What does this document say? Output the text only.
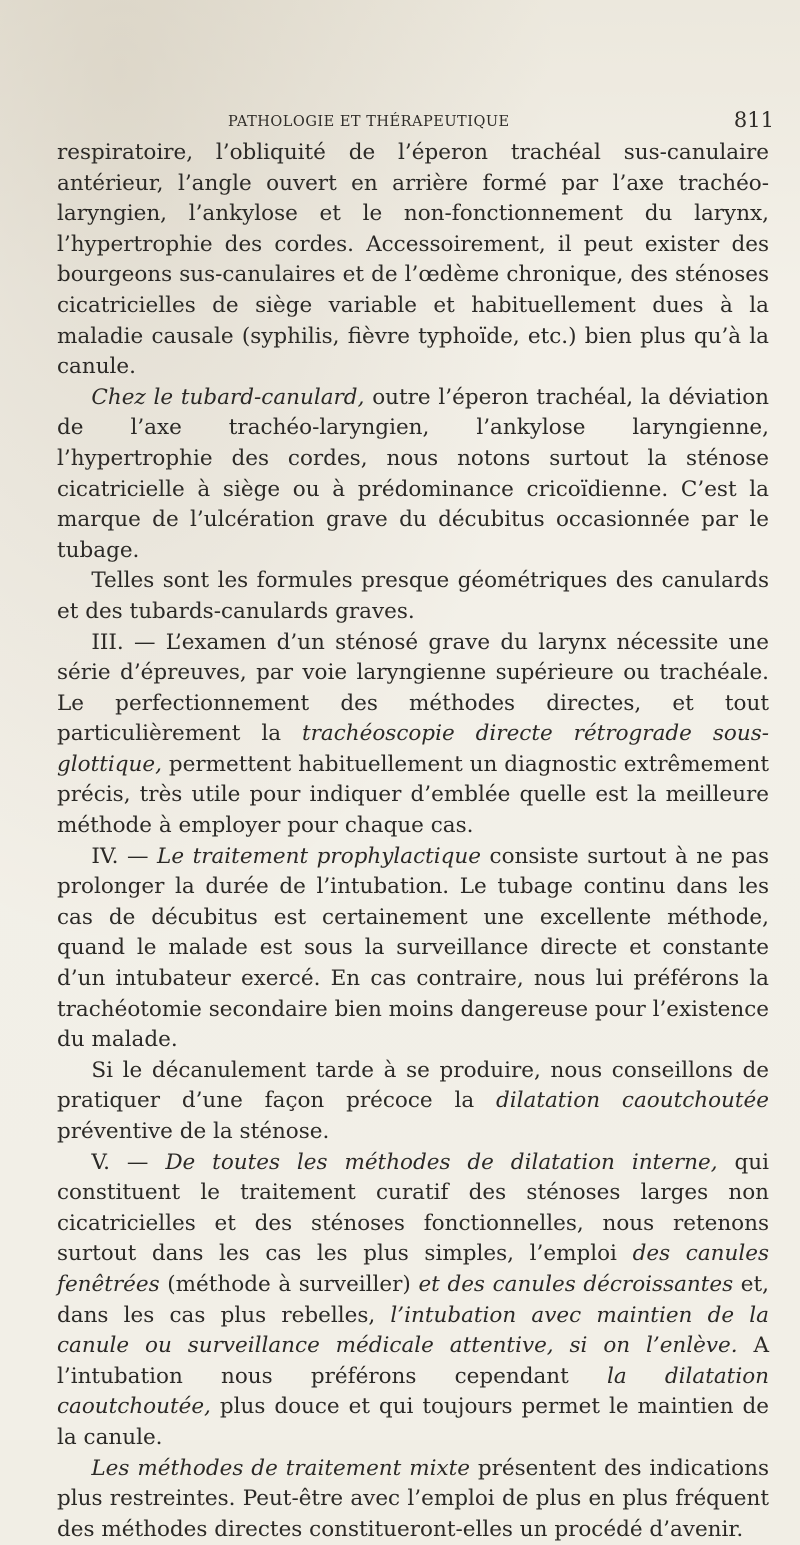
PATHOLOGIE ET THÉRAPEUTIQUE	811

respiratoire, l’obliquité de l’éperon trachéal sus-canulaire antérieur, l’angle ouvert en arrière formé par l’axe trachéo-laryngien, l’ankylose et le non-fonctionnement du larynx, l’hypertrophie des cordes. Accessoirement, il peut exister des bourgeons sus-canulaires et de l’œdème chronique, des sténoses cicatricielles de siège variable et habituellement dues à la maladie causale (syphilis, fièvre typhoïde, etc.) bien plus qu’à la canule.

Chez le tubard-canulard, outre l’éperon trachéal, la déviation de l’axe trachéo-laryngien, l’ankylose laryngienne, l’hypertrophie des cordes, nous notons surtout la sténose cicatricielle à siège ou à prédominance cricoïdienne. C’est la marque de l’ulcération grave du décubitus occasionnée par le tubage.

Telles sont les formules presque géométriques des canulards et des tubards-canulards graves.

III. — L’examen d’un sténosé grave du larynx nécessite une série d’épreuves, par voie laryngienne supérieure ou trachéale. Le perfectionnement des méthodes directes, et tout particulièrement la trachéoscopie directe rétrograde sous-glottique, permettent habituellement un diagnostic extrêmement précis, très utile pour indiquer d’emblée quelle est la meilleure méthode à employer pour chaque cas.

IV. — Le traitement prophylactique consiste surtout à ne pas prolonger la durée de l’intubation. Le tubage continu dans les cas de décubitus est certainement une excellente méthode, quand le malade est sous la surveillance directe et constante d’un intubateur exercé. En cas contraire, nous lui préférons la trachéotomie secondaire bien moins dangereuse pour l’existence du malade.

Si le décanulement tarde à se produire, nous conseillons de pratiquer d’une façon précoce la dilatation caoutchoutée préventive de la sténose.

V. — De toutes les méthodes de dilatation interne, qui constituent le traitement curatif des sténoses larges non cicatricielles et des sténoses fonctionnelles, nous retenons surtout dans les cas les plus simples, l’emploi des canules fenêtrées (méthode à surveiller) et des canules décroissantes et, dans les cas plus rebelles, l’intubation avec maintien de la canule ou surveillance médicale attentive, si on l’enlève. A l’intubation nous préférons cependant la dilatation caoutchoutée, plus douce et qui toujours permet le maintien de la canule.

Les méthodes de traitement mixte présentent des indications plus restreintes. Peut-être avec l’emploi de plus en plus fréquent des méthodes directes constitueront-elles un procédé d’avenir.
